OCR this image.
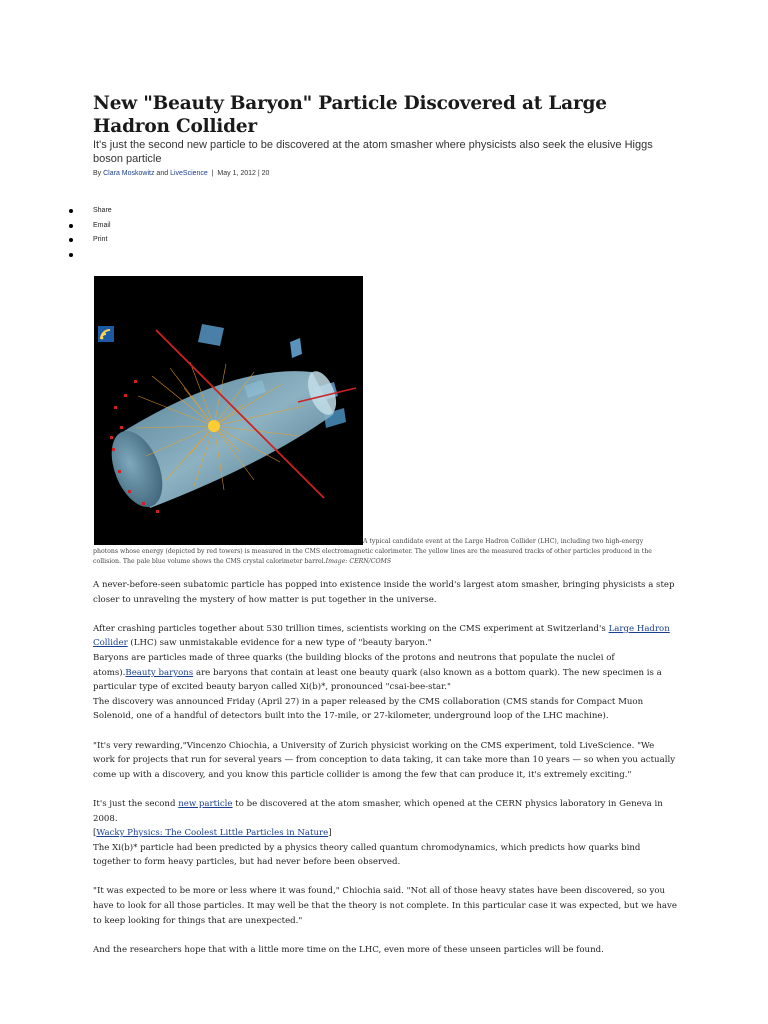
New "Beauty Baryon" Particle Discovered at Large Hadron Collider

It's just the second new particle to be discovered at the atom smasher where physicists also seek the elusive Higgs boson particle

By Clara Moskowitz and LiveScience  |  May 1, 2012 | 20
Share
Email
Print
A typical candidate event at the Large Hadron Collider (LHC), including two high-energy photons whose energy (depicted by red towers) is measured in the CMS electromagnetic calorimeter. The yellow lines are the measured tracks of other particles produced in the collision. The pale blue volume shows the CMS crystal calorimeter barrel.Image: CERN/COMS

A never-before-seen subatomic particle has popped into existence inside the world's largest atom smasher, bringing physicists a step closer to unraveling the mystery of how matter is put together in the universe.

After crashing particles together about 530 trillion times, scientists working on the CMS experiment at Switzerland's Large Hadron Collider (LHC) saw unmistakable evidence for a new type of "beauty baryon."

Baryons are particles made of three quarks (the building blocks of the protons and neutrons that populate the nuclei of atoms).Beauty baryons are baryons that contain at least one beauty quark (also known as a bottom quark). The new specimen is a particular type of excited beauty baryon called Xi(b)*, pronounced "csai-bee-star."

The discovery was announced Friday (April 27) in a paper released by the CMS collaboration (CMS stands for Compact Muon Solenoid, one of a handful of detectors built into the 17-mile, or 27-kilometer, underground loop of the LHC machine).

"It's very rewarding,"Vincenzo Chiochia, a University of Zurich physicist working on the CMS experiment, told LiveScience. "We work for projects that run for several years — from conception to data taking, it can take more than 10 years — so when you actually come up with a discovery, and you know this particle collider is among the few that can produce it, it's extremely exciting."

It's just the second new particle to be discovered at the atom smasher, which opened at the CERN physics laboratory in Geneva in 2008.
[Wacky Physics: The Coolest Little Particles in Nature]

The Xi(b)* particle had been predicted by a physics theory called quantum chromodynamics, which predicts how quarks bind together to form heavy particles, but had never before been observed.

"It was expected to be more or less where it was found," Chiochia said. "Not all of those heavy states have been discovered, so you have to look for all those particles. It may well be that the theory is not complete. In this particular case it was expected, but we have to keep looking for things that are unexpected."

And the researchers hope that with a little more time on the LHC, even more of these unseen particles will be found.
